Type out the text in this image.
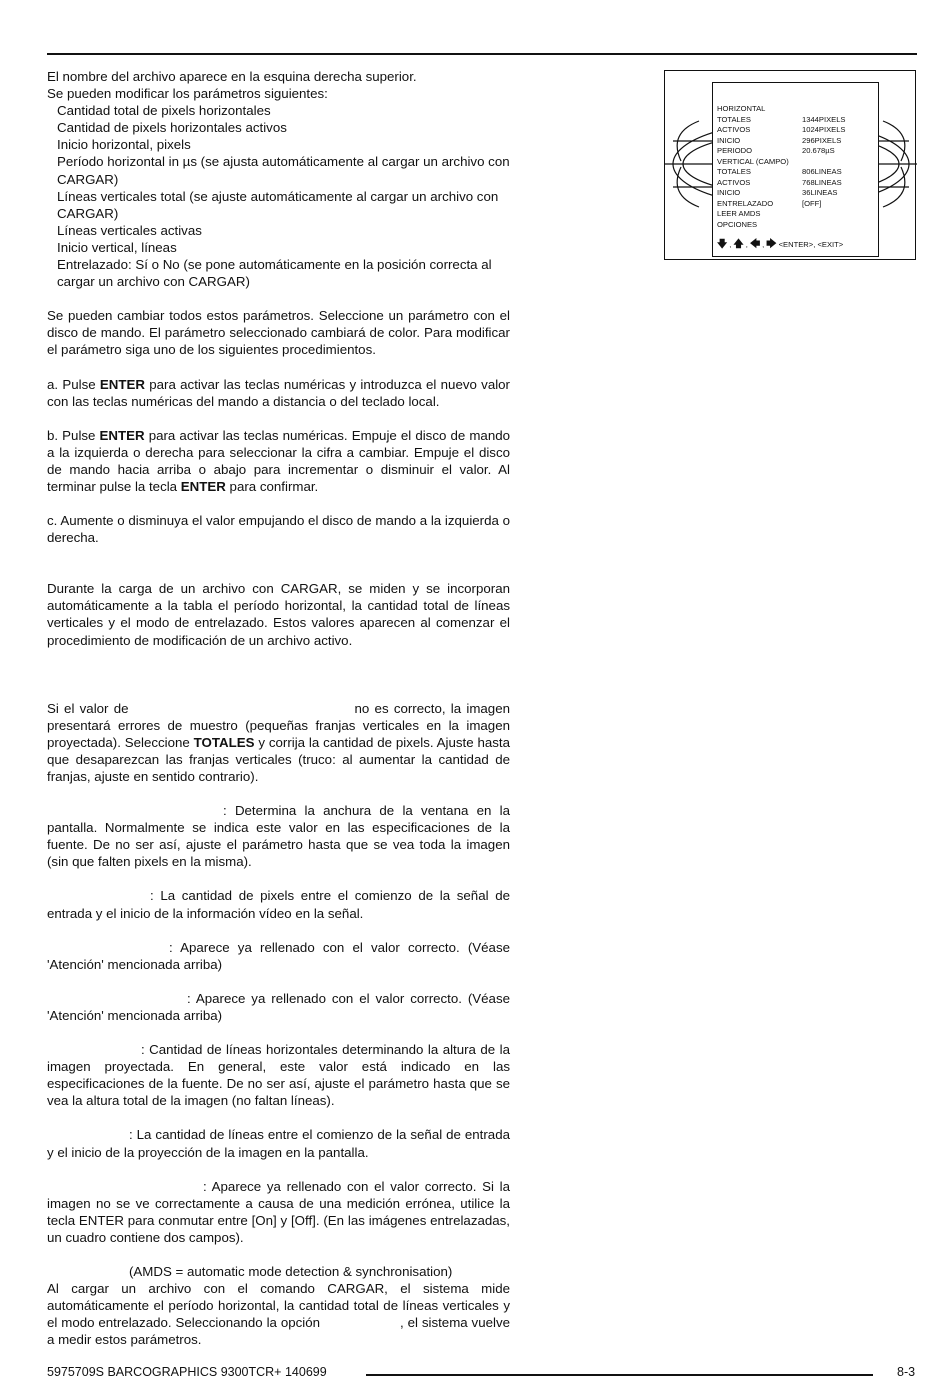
El nombre del archivo aparece en la esquina derecha superior.

Se pueden modificar los parámetros siguientes:

Cantidad total de pixels horizontales

Cantidad de pixels horizontales activos

Inicio horizontal, pixels

Período horizontal in µs (se ajusta automáticamente al cargar un archivo con CARGAR)

Líneas verticales total (se ajuste automáticamente al cargar un archivo con CARGAR)

Líneas verticales activas

Inicio vertical, líneas

Entrelazado: Sí o No (se pone automáticamente en la posición correcta al cargar un archivo con CARGAR)

Se pueden cambiar todos estos parámetros. Seleccione un parámetro con el disco de mando. El parámetro seleccionado cambiará de color. Para modificar el parámetro siga uno de los siguientes procedimientos.

a. Pulse ENTER para activar las teclas numéricas y introduzca el nuevo valor con las teclas numéricas del mando a distancia o del teclado local.

b. Pulse ENTER para activar las teclas numéricas. Empuje el disco de mando a la izquierda o derecha para seleccionar la cifra a cambiar. Empuje el disco de mando hacia arriba o abajo para incrementar o disminuir el valor. Al terminar pulse la tecla ENTER para confirmar.

c. Aumente o disminuya el valor empujando el disco de mando a la izquierda o derecha.

Durante la carga de un archivo con CARGAR, se miden y se incorporan automáticamente a la tabla el período horizontal, la cantidad total de líneas verticales y el modo de entrelazado. Estos valores aparecen al comenzar el procedimiento de modificación de un archivo activo.

Si el valor de	no es correcto, la imagen presentará errores de muestro (pequeñas franjas verticales en la imagen proyectada). Seleccione TOTALES y corrija la cantidad de pixels. Ajuste hasta que desaparezcan las franjas verticales (truco: al aumentar la cantidad de franjas, ajuste en sentido contrario).

: Determina la anchura de la ventana en la pantalla. Normalmente se indica este valor en las especificaciones de la fuente. De no ser así, ajuste el parámetro hasta que se vea toda la imagen (sin que falten pixels en la misma).

: La cantidad de pixels entre el comienzo de la señal de entrada y el inicio de la información vídeo en la señal.

: Aparece ya rellenado con el valor correcto. (Véase 'Atención' mencionada arriba)

: Aparece ya rellenado con el valor correcto. (Véase 'Atención' mencionada arriba)

: Cantidad de líneas horizontales determinando la altura de la imagen proyectada. En general, este valor está indicado en las especificaciones de la fuente. De no ser así, ajuste el parámetro hasta que se vea la altura total de la imagen (no faltan líneas).

: La cantidad de líneas entre el comienzo de la señal de entrada y el inicio de la proyección de la imagen en la pantalla.

: Aparece ya rellenado con el valor correcto. Si la imagen no se ve correctamente a causa de una medición errónea, utilice la tecla ENTER para conmutar entre [On] y [Off]. (En las imágenes entrelazadas, un cuadro contiene dos campos).

(AMDS = automatic mode detection & synchronisation)

Al cargar un archivo con el comando CARGAR, el sistema mide automáticamente el período horizontal, la cantidad total de líneas verticales y el modo entrelazado. Seleccionando la opción	, el sistema vuelve a medir estos parámetros.

HORIZONTAL
TOTALES	1344PIXELS
ACTIVOS	1024PIXELS
INICIO	296PIXELS
PERIODO	20.678µS
VERTICAL (CAMPO)
TOTALES	806LINEAS
ACTIVOS	768LINEAS
INICIO	36LINEAS
ENTRELAZADO	[OFF]
LEER AMDS
OPCIONES
🡇 , 🡅 , 🡄 , 🡆 <ENTER>, <EXIT>
5975709S BARCOGRAPHICS 9300TCR+ 140699	8-3
